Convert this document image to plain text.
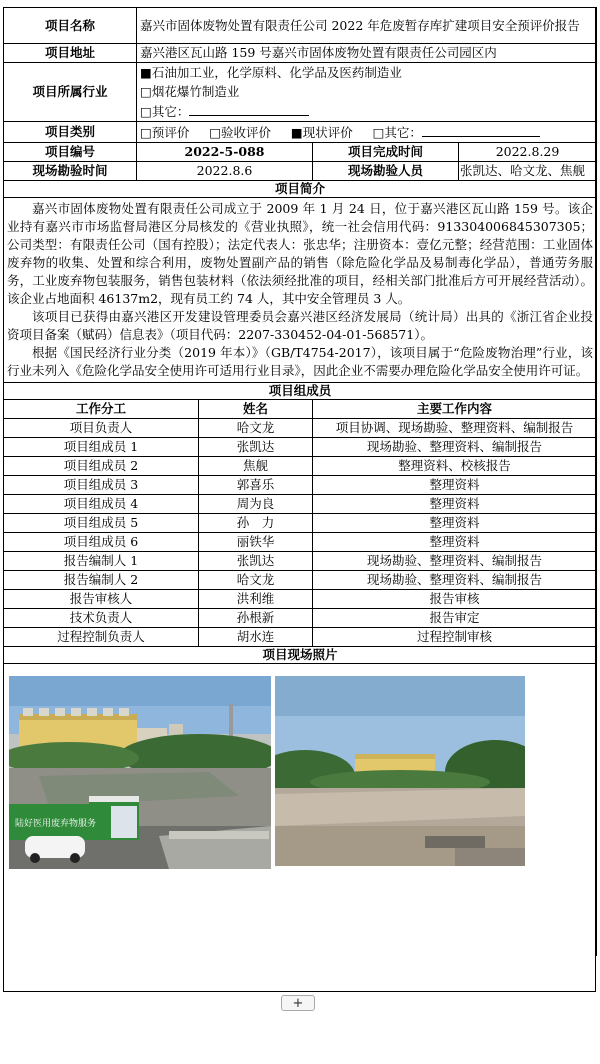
项目名称	嘉兴市固体废物处置有限责任公司 2022 年危废暂存库扩建项目安全预评价报告			
项目地址	嘉兴港区瓦山路 159 号嘉兴市固体废物处置有限责任公司园区内			
项目所属行业	■石油加工业，化学原料、化学品及医药制造业
□烟花爆竹制造业
□其它：			

项目类别	□预评价 □验收评价 ■现状评价 □其它：			
项目编号	2022-5-088		项目完成时间	2022.8.29
现场勘验时间	2022.8.6		现场勘验人员	张凯达、哈文龙、焦舰
项目简介				

嘉兴市固体废物处置有限责任公司成立于 2009 年 1 月 24 日，位于嘉兴港区瓦山路 159 号。该企业持有嘉兴市市场监督局港区分局核发的《营业执照》，统一社会信用代码：913304006845307305；公司类型：有限责任公司（国有控股）；法定代表人：张忠华；注册资本：壹亿元整；经营范围：工业固体废弃物的收集、处置和综合利用，废物处置副产品的销售（除危险化学品及易制毒化学品），普通劳务服务，工业废弃物包装服务，销售包装材料（依法须经批准的项目，经相关部门批准后方可开展经营活动）。该企业占地面积 46137m2，现有员工约 74 人，其中安全管理员 3 人。

该项目已获得由嘉兴港区开发建设管理委员会嘉兴港区经济发展局（统计局）出具的《浙江省企业投资项目备案（赋码）信息表》（项目代码：2207-330452-04-01-568571）。

根据《国民经济行业分类（2019 年本）》（GB/T4754-2017），该项目属于“危险废物治理”行业，该行业未列入《危险化学品安全使用许可适用行业目录》，因此企业不需要办理危险化学品安全使用许可证。				

项目组成员				
工作分工		姓名	主要工作内容	
项目负责人		哈文龙	项目协调、现场勘验、整理资料、编制报告	
项目组成员 1		张凯达	现场勘验、整理资料、编制报告	
项目组成员 2		焦舰	整理资料、校核报告	
项目组成员 3		郭喜乐	整理资料	
项目组成员 4		周为良	整理资料	
项目组成员 5		孙　力	整理资料	
项目组成员 6		丽铁华	整理资料	
报告编制人 1		张凯达	现场勘验、整理资料、编制报告	
报告编制人 2		哈文龙	现场勘验、整理资料、编制报告	
报告审核人		洪利维	报告审核	
技术负责人		孙根新	报告审定	
过程控制负责人		胡水连	过程控制审核	
项目现场照片				

陆好医用废弃物服务				
+
